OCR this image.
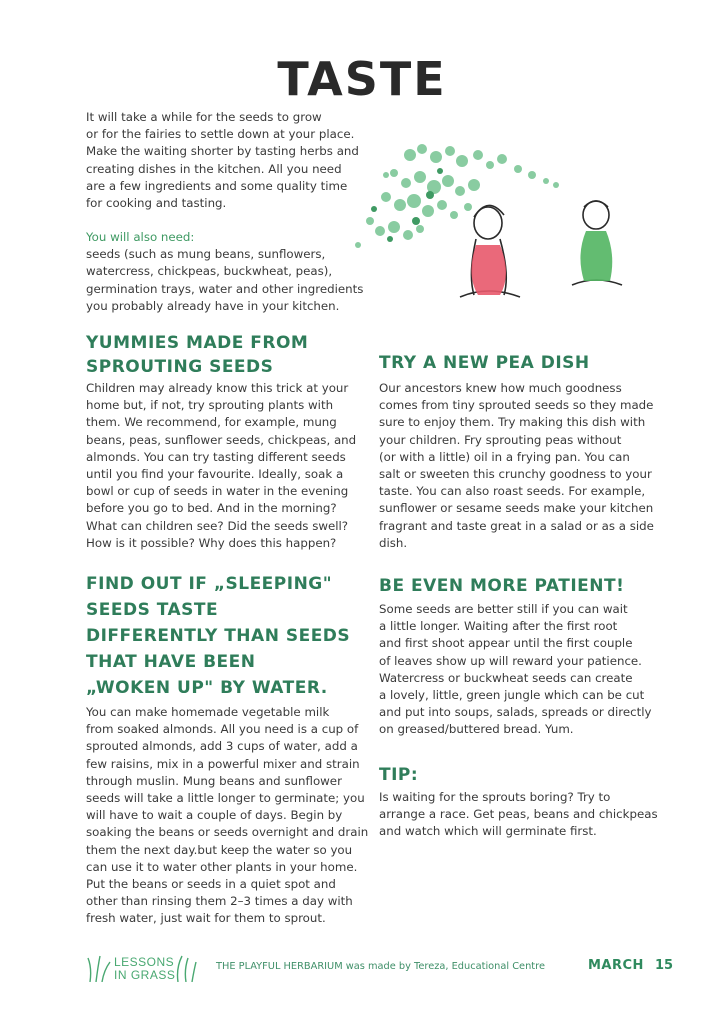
TASTE
It will take a while for the seeds to grow
or for the fairies to settle down at your place.
Make the waiting shorter by tasting herbs and
creating dishes in the kitchen. All you need
are a few ingredients and some quality time
for cooking and tasting.
You will also need:
seeds (such as mung beans, sunflowers,
watercress, chickpeas, buckwheat, peas),
germination trays, water and other ingredients
you probably already have in your kitchen.
YUMMIES MADE FROM
SPROUTING SEEDS
Children may already know this trick at your
home but, if not, try sprouting plants with
them. We recommend, for example, mung
beans, peas, sunflower seeds, chickpeas, and
almonds. You can try tasting different seeds
until you find your favourite. Ideally, soak a
bowl or cup of seeds in water in the evening
before you go to bed. And in the morning?
What can children see? Did the seeds swell?
How is it possible? Why does this happen?
FIND OUT IF „SLEEPING"
SEEDS TASTE
DIFFERENTLY THAN SEEDS
THAT HAVE BEEN
„WOKEN UP" BY WATER.
You can make homemade vegetable milk
from soaked almonds. All you need is a cup of
sprouted almonds, add 3 cups of water, add a
few raisins, mix in a powerful mixer and strain
through muslin. Mung beans and sunflower
seeds will take a little longer to germinate; you
will have to wait a couple of days. Begin by
soaking the beans or seeds overnight and drain
them the next day.but keep the water so you
can use it to water other plants in your home.
Put the beans or seeds in a quiet spot and
other than rinsing them 2–3 times a day with
fresh water, just wait for them to sprout.
TRY A NEW PEA DISH
Our ancestors knew how much goodness
comes from tiny sprouted seeds so they made
sure to enjoy them. Try making this dish with
your children. Fry sprouting peas without
(or with a little) oil in a frying pan. You can
salt or sweeten this crunchy goodness to your
taste. You can also roast seeds. For example,
sunflower or sesame seeds make your kitchen
fragrant and taste great in a salad or as a side
dish.
BE EVEN MORE PATIENT!
Some seeds are better still if you can wait
a little longer. Waiting after the first root
and first shoot appear until the first couple
of leaves show up will reward your patience.
Watercress or buckwheat seeds can create
a lovely, little, green jungle which can be cut
and put into soups, salads, spreads or directly
on greased/buttered bread. Yum.
TIP:
Is waiting for the sprouts boring? Try to
arrange a race. Get peas, beans and chickpeas
and watch which will germinate first.
LESSONS
IN GRASS
THE PLAYFUL HERBARIUM was made by Tereza, Educational Centre	MARCH 15
